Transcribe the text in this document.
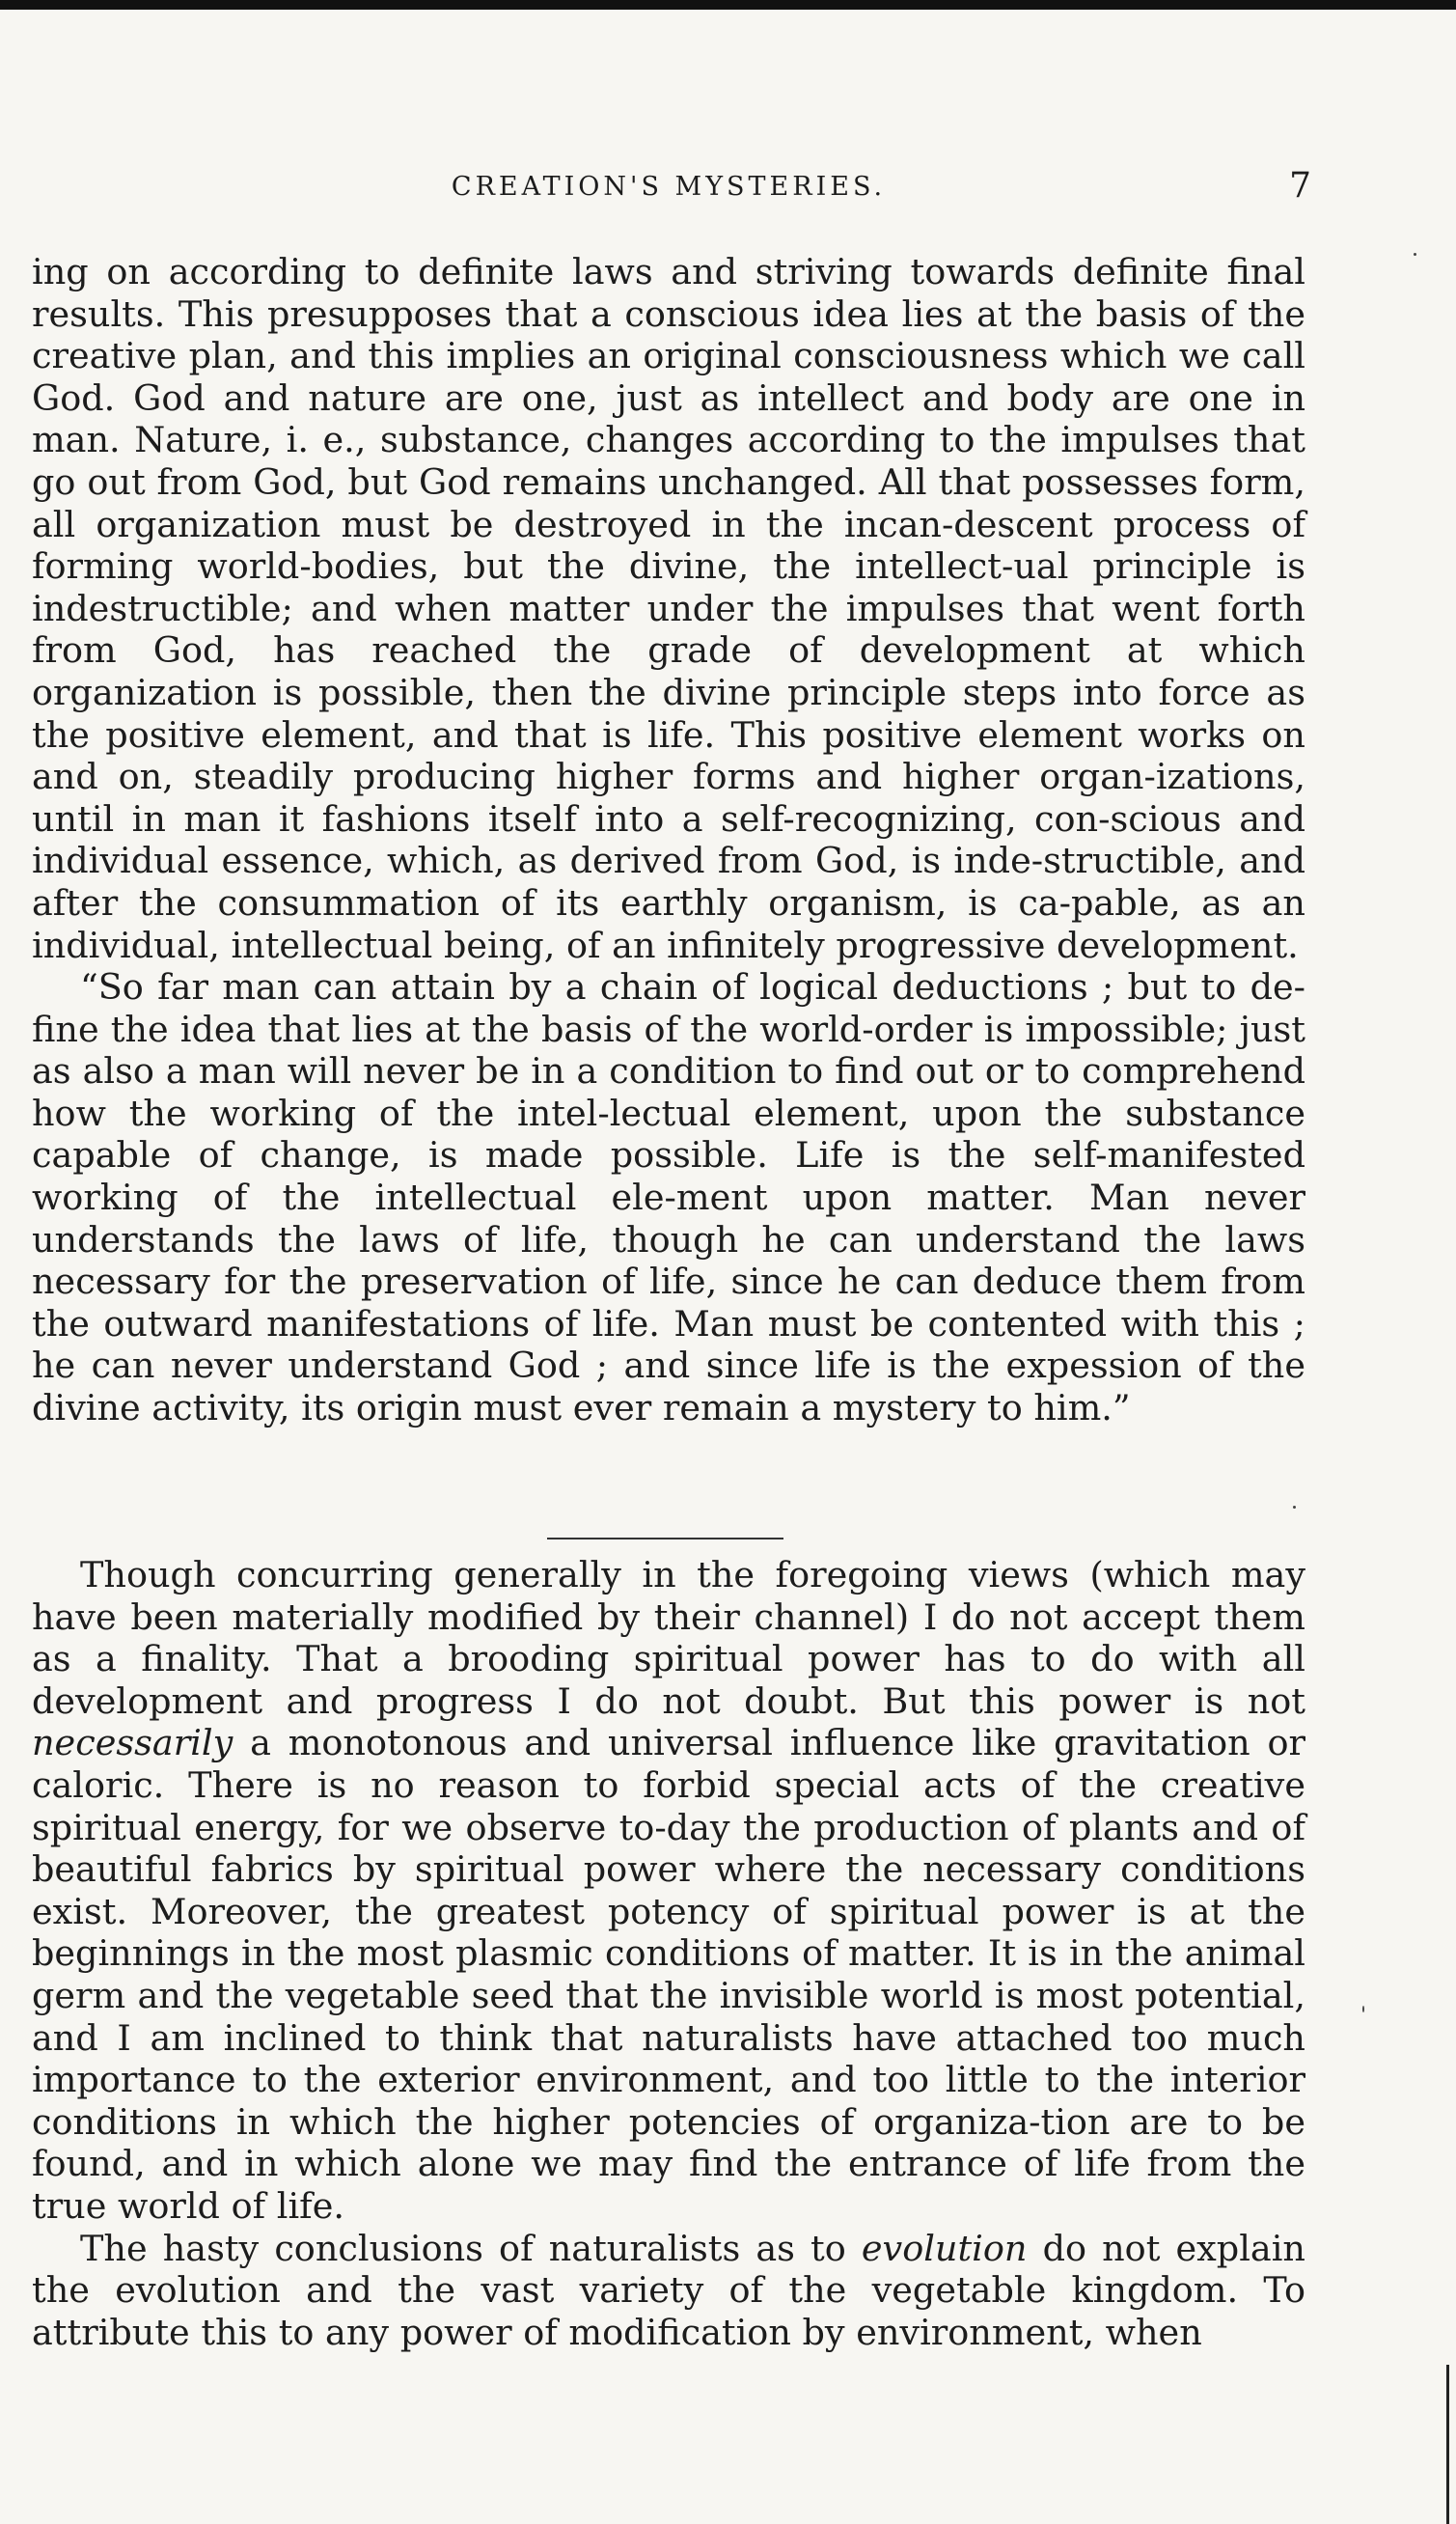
CREATION'S MYSTERIES.	7

ing on according to definite laws and striving towards definite final results. This presupposes that a conscious idea lies at the basis of the creative plan, and this implies an original consciousness which we call God. God and nature are one, just as intellect and body are one in man. Nature, i. e., substance, changes according to the impulses that go out from God, but God remains unchanged. All that possesses form, all organization must be destroyed in the incan-descent process of forming world-bodies, but the divine, the intellect-ual principle is indestructible; and when matter under the impulses that went forth from God, has reached the grade of development at which organization is possible, then the divine principle steps into force as the positive element, and that is life. This positive element works on and on, steadily producing higher forms and higher organ-izations, until in man it fashions itself into a self-recognizing, con-scious and individual essence, which, as derived from God, is inde-structible, and after the consummation of its earthly organism, is ca-pable, as an individual, intellectual being, of an infinitely progressive development.

“So far man can attain by a chain of logical deductions ; but to de-fine the idea that lies at the basis of the world-order is impossible; just as also a man will never be in a condition to find out or to comprehend how the working of the intel-lectual element, upon the substance capable of change, is made possible. Life is the self-manifested working of the intellectual ele-ment upon matter. Man never understands the laws of life, though he can understand the laws necessary for the preservation of life, since he can deduce them from the outward manifestations of life. Man must be contented with this ; he can never understand God ; and since life is the expession of the divine activity, its origin must ever remain a mystery to him.”

Though concurring generally in the foregoing views (which may have been materially modified by their channel) I do not accept them as a finality. That a brooding spiritual power has to do with all development and progress I do not doubt. But this power is not necessarily a monotonous and universal influence like gravitation or caloric. There is no reason to forbid special acts of the creative spiritual energy, for we observe to-day the production of plants and of beautiful fabrics by spiritual power where the necessary conditions exist. Moreover, the greatest potency of spiritual power is at the beginnings in the most plasmic conditions of matter. It is in the animal germ and the vegetable seed that the invisible world is most potential, and I am inclined to think that naturalists have attached too much importance to the exterior environment, and too little to the interior conditions in which the higher potencies of organiza-tion are to be found, and in which alone we may find the entrance of life from the true world of life.

The hasty conclusions of naturalists as to evolution do not explain the evolution and the vast variety of the vegetable kingdom. To attribute this to any power of modification by environment, when
